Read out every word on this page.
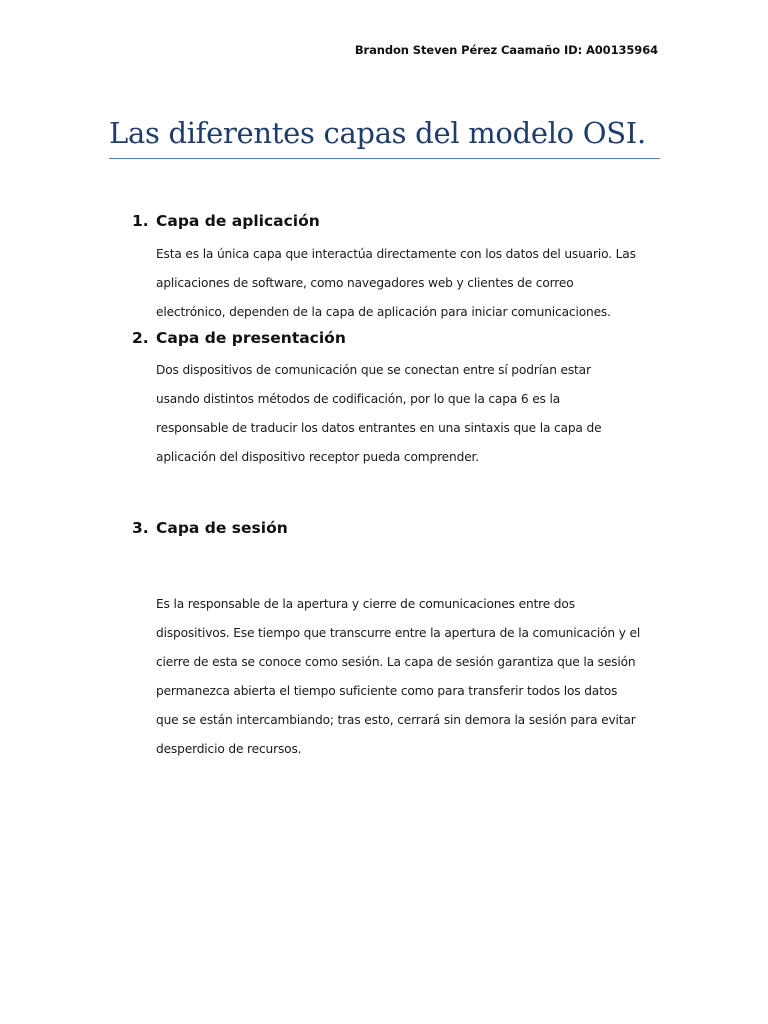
Brandon Steven Pérez Caamaño ID: A00135964
Las diferentes capas del modelo OSI.
1. Capa de aplicación

Esta es la única capa que interactúa directamente con los datos del usuario. Las
aplicaciones de software, como navegadores web y clientes de correo
electrónico, dependen de la capa de aplicación para iniciar comunicaciones.

2. Capa de presentación

Dos dispositivos de comunicación que se conectan entre sí podrían estar
usando distintos métodos de codificación, por lo que la capa 6 es la
responsable de traducir los datos entrantes en una sintaxis que la capa de
aplicación del dispositivo receptor pueda comprender.

3. Capa de sesión

Es la responsable de la apertura y cierre de comunicaciones entre dos
dispositivos. Ese tiempo que transcurre entre la apertura de la comunicación y el
cierre de esta se conoce como sesión. La capa de sesión garantiza que la sesión
permanezca abierta el tiempo suficiente como para transferir todos los datos
que se están intercambiando; tras esto, cerrará sin demora la sesión para evitar
desperdicio de recursos.
